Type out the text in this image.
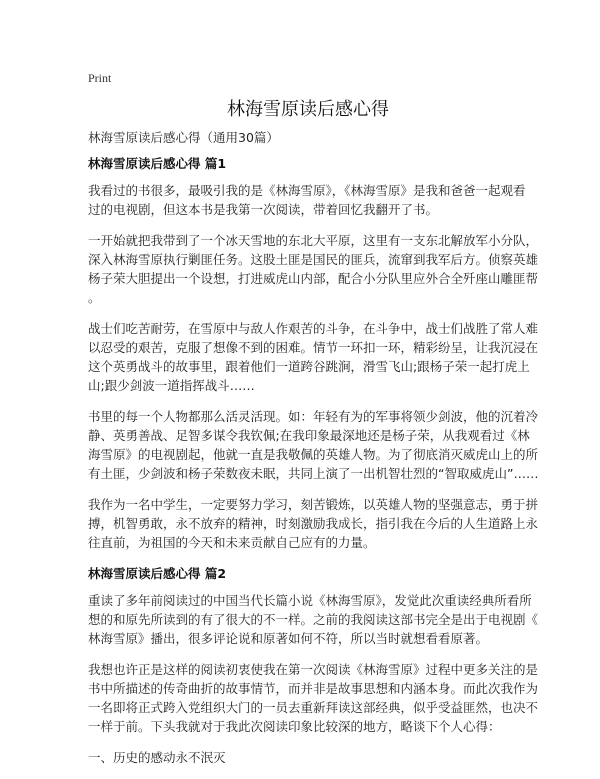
Print
林海雪原读后感心得
林海雪原读后感心得（通用30篇）
林海雪原读后感心得 篇1

我看过的书很多，最吸引我的是《林海雪原》，《林海雪原》是我和爸爸一起观看
过的电视剧，但这本书是我第一次阅读，带着回忆我翻开了书。

一开始就把我带到了一个冰天雪地的东北大平原，这里有一支东北解放军小分队，
深入林海雪原执行剿匪任务。这股土匪是国民的匪兵，流窜到我军后方。侦察英雄
杨子荣大胆提出一个设想，打进威虎山内部，配合小分队里应外合全歼座山雕匪帮
。

战士们吃苦耐劳，在雪原中与敌人作艰苦的斗争，在斗争中，战士们战胜了常人难
以忍受的艰苦，克服了想像不到的困难。情节一环扣一环，精彩纷呈，让我沉浸在
这个英勇战斗的故事里，跟着他们一道跨谷跳涧，滑雪飞山;跟杨子荣一起打虎上
山;跟少剑波一道指挥战斗……

书里的每一个人物都那么活灵活现。如：年轻有为的军事将领少剑波，他的沉着冷
静、英勇善战、足智多谋令我钦佩;在我印象最深地还是杨子荣，从我观看过《林
海雪原》的电视剧起，他就一直是我敬佩的英雄人物。为了彻底消灭威虎山上的所
有土匪，少剑波和杨子荣数夜未眠，共同上演了一出机智壮烈的“智取威虎山”……

我作为一名中学生，一定要努力学习，刻苦锻炼，以英雄人物的坚强意志，勇于拼
搏，机智勇敢，永不放弃的精神，时刻激励我成长，指引我在今后的人生道路上永
往直前，为祖国的今天和未来贡献自己应有的力量。

林海雪原读后感心得 篇2

重读了多年前阅读过的中国当代长篇小说《林海雪原》，发觉此次重读经典所看所
想的和原先所读到的有了很大的不一样。之前的我阅读这部书完全是出于电视剧《
林海雪原》播出，很多评论说和原著如何不符，所以当时就想看看原著。

我想也许正是这样的阅读初衷使我在第一次阅读《林海雪原》过程中更多关注的是
书中所描述的传奇曲折的故事情节，而并非是故事思想和内涵本身。而此次我作为
一名即将正式跨入党组织大门的一员去重新拜读这部经典，似乎受益匪然，也决不
一样于前。下头我就对于我此次阅读印象比较深的地方，略谈下个人心得：

一、历史的感动永不泯灭
